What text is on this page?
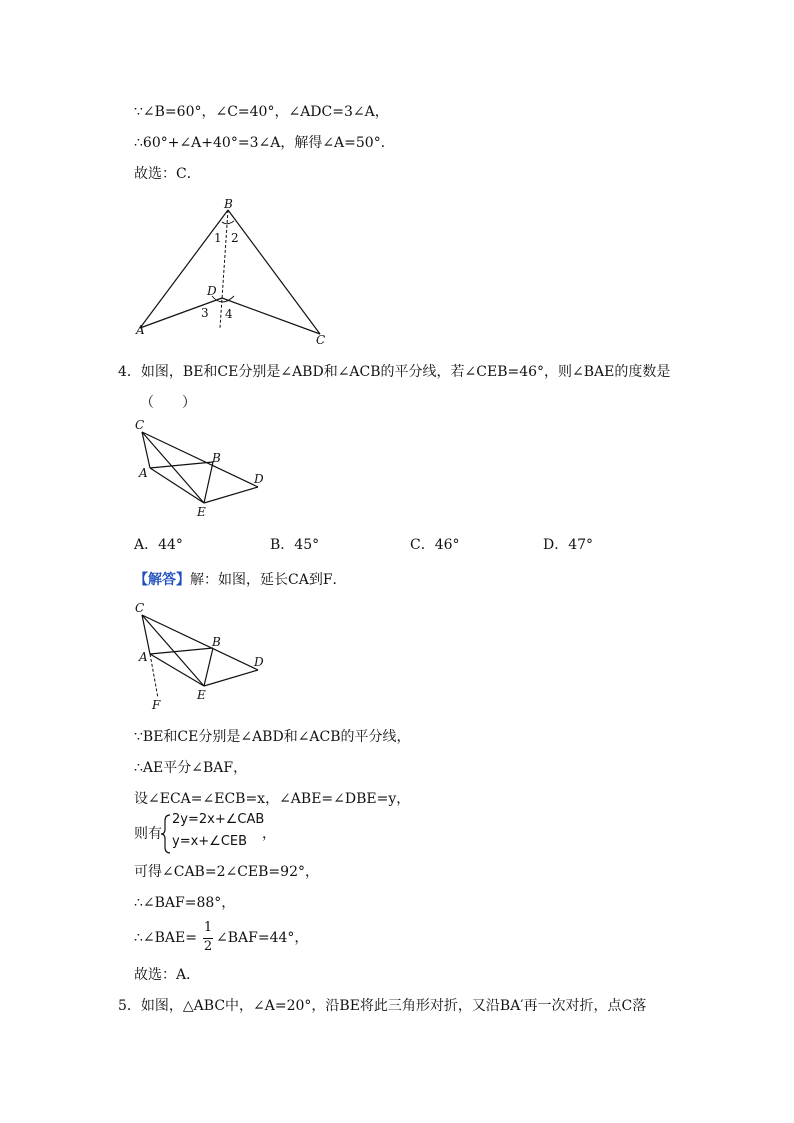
∵∠B=60°，∠C=40°，∠ADC=3∠A，
∴60°+∠A+40°=3∠A，解得∠A=50°．
故选：C．
B
D
A
C
1 2
3 4
4．如图，BE和CE分别是∠ABD和∠ACB的平分线，若∠CEB=46°，则∠BAE的度数是
（　　）
C
A
B
D
E
A．44°	B．45°	C．46°	D．47°
【解答】解：如图，延长CA到F．
C
A
B
D
E
F
∵BE和CE分别是∠ABD和∠ACB的平分线，
∴AE平分∠BAF，
设∠ECA=∠ECB=x，∠ABE=∠DBE=y，
则有
2y=2x+∠CAB
y=x+∠CEB ，
可得∠CAB=2∠CEB=92°，
∴∠BAF=88°，
∴∠BAE=
1
2
∠BAF=44°，
故选：A．
5．如图，△ABC中，∠A=20°，沿BE将此三角形对折，又沿BA′再一次对折，点C落
